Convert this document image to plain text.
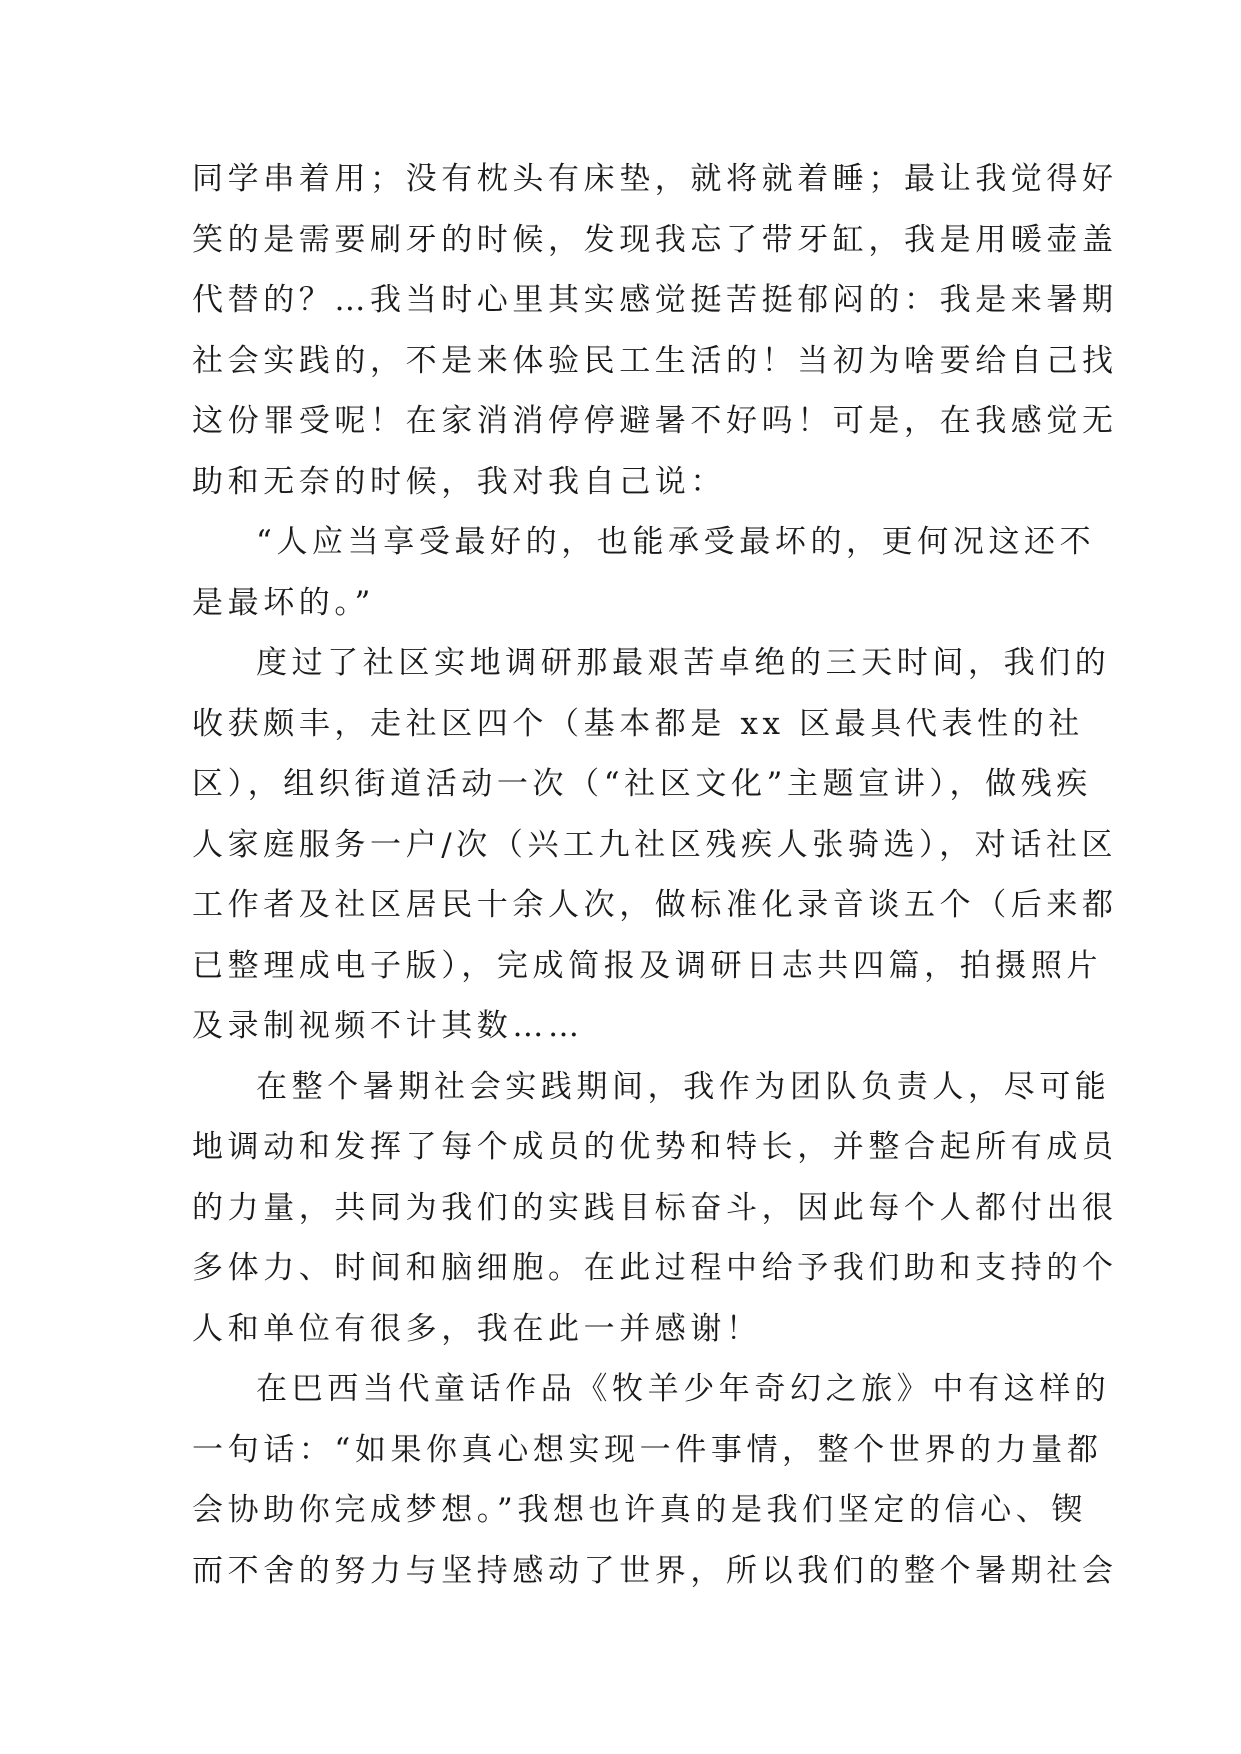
同学串着用；没有枕头有床垫，就将就着睡；最让我觉得好
笑的是需要刷牙的时候，发现我忘了带牙缸，我是用暖壶盖
代替的？…我当时心里其实感觉挺苦挺郁闷的：我是来暑期
社会实践的，不是来体验民工生活的！当初为啥要给自己找
这份罪受呢！在家消消停停避暑不好吗！可是，在我感觉无
助和无奈的时候，我对我自己说：
“人应当享受最好的，也能承受最坏的，更何况这还不
是最坏的。”
度过了社区实地调研那最艰苦卓绝的三天时间，我们的
收获颇丰，走社区四个（基本都是 xx 区最具代表性的社
区），组织街道活动一次（“社区文化”主题宣讲），做残疾
人家庭服务一户/次（兴工九社区残疾人张骑选），对话社区
工作者及社区居民十余人次，做标准化录音谈五个（后来都
已整理成电子版），完成简报及调研日志共四篇，拍摄照片
及录制视频不计其数……
在整个暑期社会实践期间，我作为团队负责人，尽可能
地调动和发挥了每个成员的优势和特长，并整合起所有成员
的力量，共同为我们的实践目标奋斗，因此每个人都付出很
多体力、时间和脑细胞。在此过程中给予我们助和支持的个
人和单位有很多，我在此一并感谢！
在巴西当代童话作品《牧羊少年奇幻之旅》中有这样的
一句话：“如果你真心想实现一件事情，整个世界的力量都
会协助你完成梦想。”我想也许真的是我们坚定的信心、锲
而不舍的努力与坚持感动了世界，所以我们的整个暑期社会
